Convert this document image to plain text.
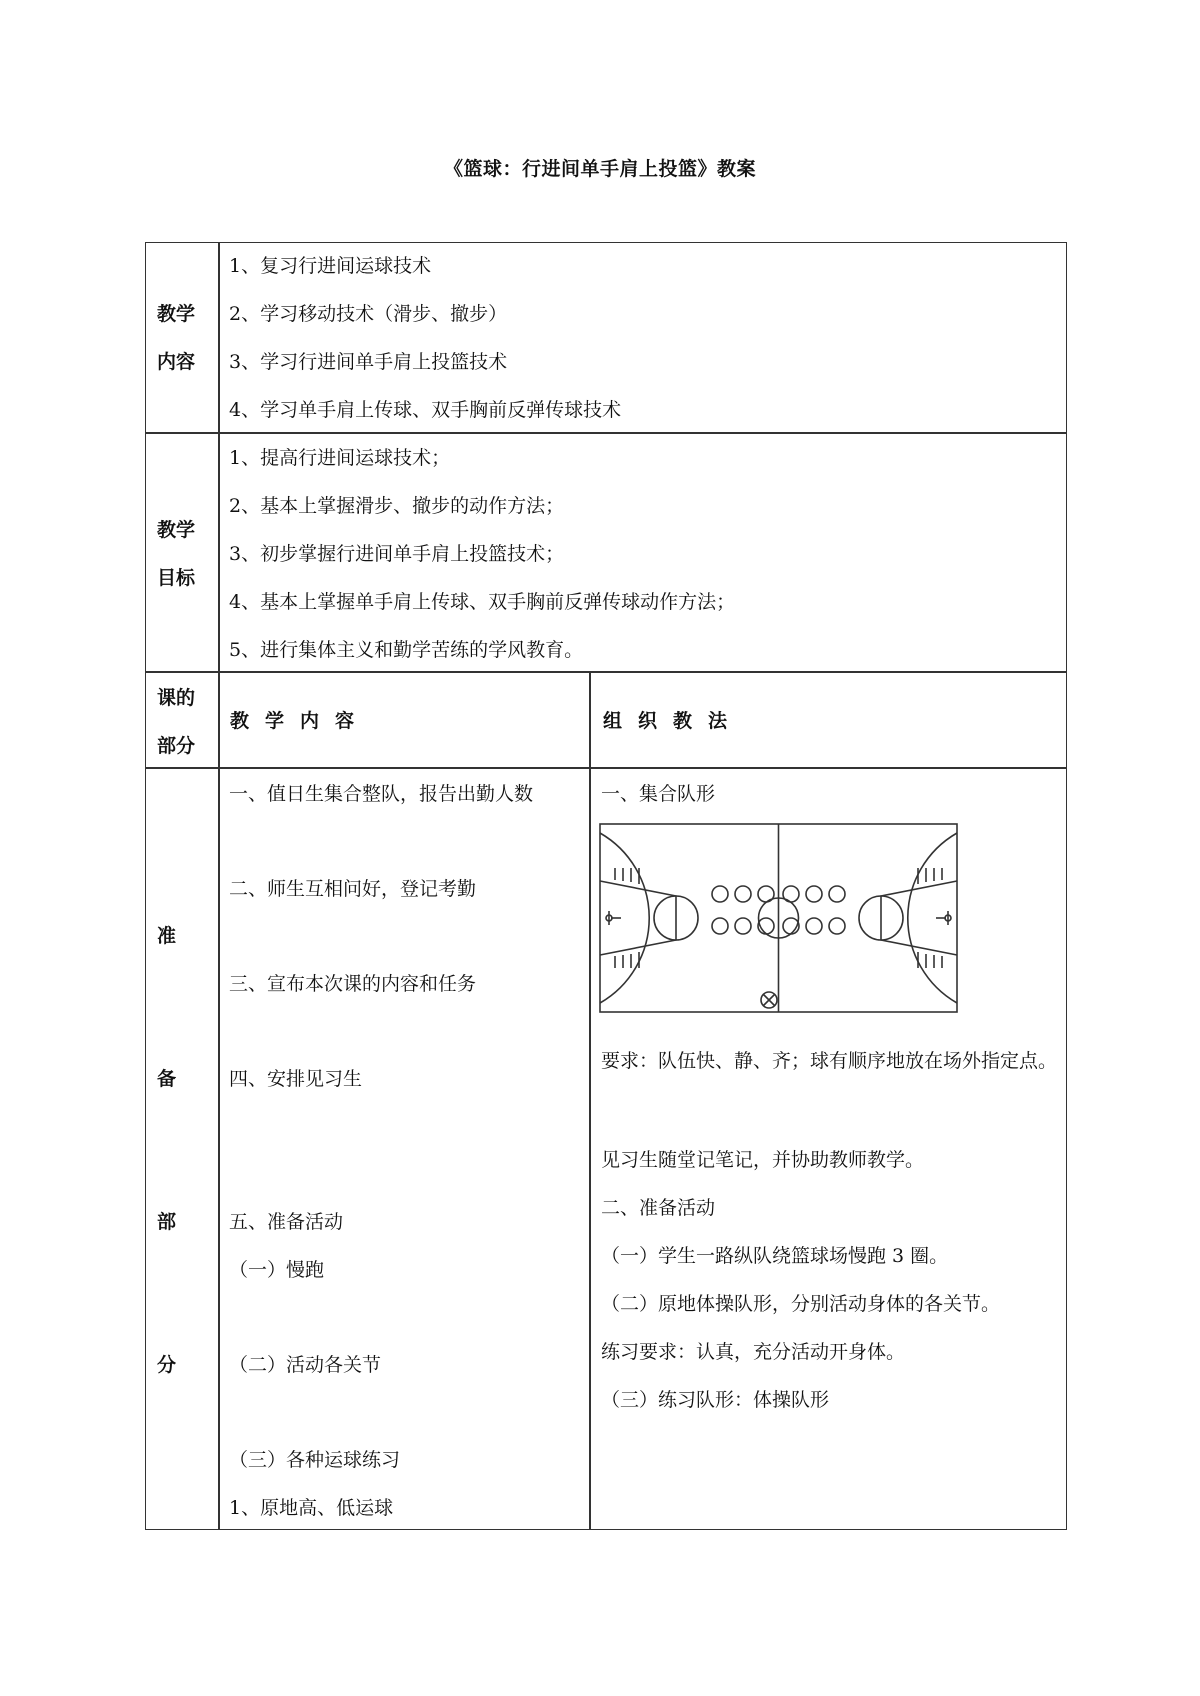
《篮球：行进间单手肩上投篮》教案
教学
内容
1、复习行进间运球技术
2、学习移动技术（滑步、撤步）
3、学习行进间单手肩上投篮技术
4、学习单手肩上传球、双手胸前反弹传球技术
教学
目标
1、提高行进间运球技术；
2、基本上掌握滑步、撤步的动作方法；
3、初步掌握行进间单手肩上投篮技术；
4、基本上掌握单手肩上传球、双手胸前反弹传球动作方法；
5、进行集体主义和勤学苦练的学风教育。
课的
部分
教学内容	组织教法
准
备
部
分
一、值日生集合整队，报告出勤人数
二、师生互相问好，登记考勤
三、宣布本次课的内容和任务
四、安排见习生
五、准备活动
（一）慢跑
（二）活动各关节
（三）各种运球练习
1、原地高、低运球
一、集合队形
要求：队伍快、静、齐；球有顺序地放在场外指定点。
见习生随堂记笔记，并协助教师教学。
二、准备活动
（一）学生一路纵队绕篮球场慢跑 3 圈。
（二）原地体操队形，分别活动身体的各关节。
练习要求：认真，充分活动开身体。
（三）练习队形：体操队形
